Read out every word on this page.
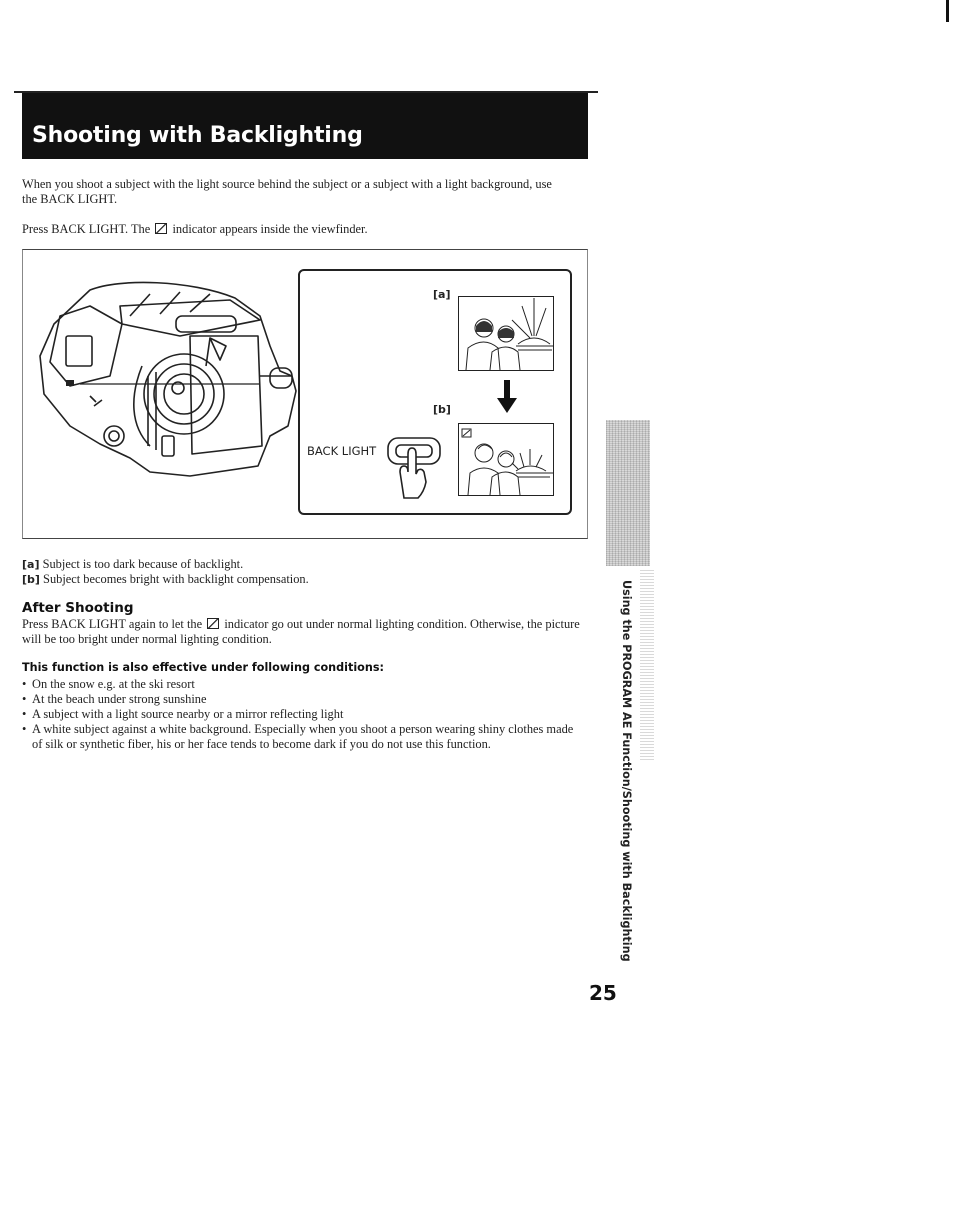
Shooting with Backlighting
When you shoot a subject with the light source behind the subject or a subject with a light background, use the BACK LIGHT.
Press BACK LIGHT. The indicator appears inside the viewfinder.
[a]
[b]
BACK LIGHT
[a] Subject is too dark because of backlight.
[b] Subject becomes bright with backlight compensation.
After Shooting
Press BACK LIGHT again to let the indicator go out under normal lighting condition. Otherwise, the picture will be too bright under normal lighting condition.
This function is also effective under following conditions:
• On the snow e.g. at the ski resort
• At the beach under strong sunshine
• A subject with a light source nearby or a mirror reflecting light
• A white subject against a white background. Especially when you shoot a person wearing shiny clothes made of silk or synthetic fiber, his or her face tends to become dark if you do not use this function.	Using the PROGRAM AE Function/Shooting with Backlighting
25
